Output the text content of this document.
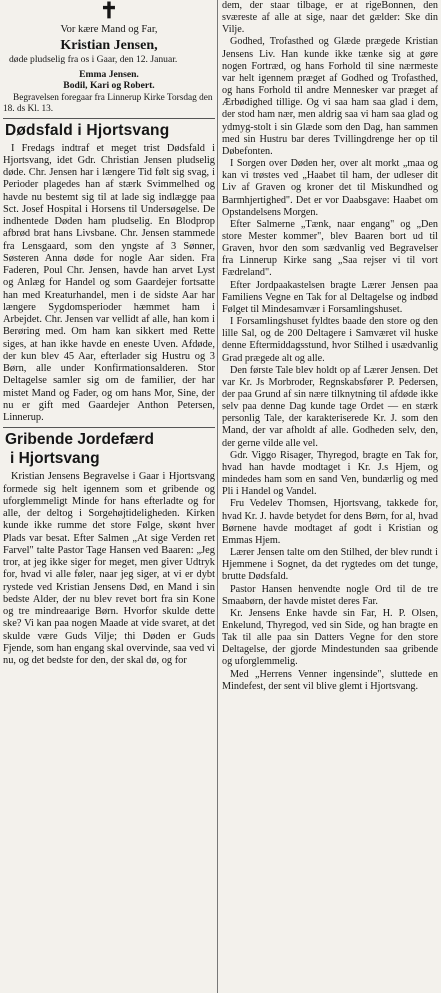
✝
Vor kære Mand og Far,
Kristian Jensen,

døde pludselig fra os i Gaar, den 12. Januar.

Emma Jensen.
Bodil, Kari og Robert.

Begravelsen foregaar fra Linnerup Kirke Torsdag den 18. ds Kl. 13.

Dødsfald i Hjortsvang

I Fredags indtraf et meget trist Dødsfald i Hjortsvang, idet Gdr. Christian Jensen pludselig døde. Chr. Jensen har i længere Tid følt sig svag, i Perioder plagedes han af stærk Svimmelhed og havde nu bestemt sig til at lade sig indlægge paa Sct. Josef Hospital i Horsens til Undersøgelse. De indhentede Døden ham pludselig. En Blodprop afbrød brat hans Livsbane. Chr. Jensen stammede fra Lensgaard, som den yngste af 3 Sønner, Søsteren Anna døde for nogle Aar siden. Fra Faderen, Poul Chr. Jensen, havde han arvet Lyst og Anlæg for Handel og som Gaardejer fortsatte han med Kreaturhandel, men i de sidste Aar har længere Sygdomsperioder hæmmet ham i Arbejdet. Chr. Jensen var vellidt af alle, han kom i Berøring med. Om ham kan sikkert med Rette siges, at han ikke havde en eneste Uven. Afdøde, der kun blev 45 Aar, efterlader sig Hustru og 3 Børn, alle under Konfirmationsalderen. Stor Deltagelse samler sig om de familier, der har mistet Mand og Fader, og om hans Mor, Sine, der nu er gift med Gaardejer Anthon Petersen, Linnerup.

Gribende Jordefærd
i Hjortsvang

Kristian Jensens Begravelse i Gaar i Hjortsvang formede sig helt igennem som et gribende og uforglemmeligt Minde for hans efterladte og for alle, der deltog i Sorgehøjtideligheden. Kirken kunde ikke rumme det store Følge, skønt hver Plads var besat. Efter Salmen „At sige Verden ret Farvel" talte Pastor Tage Hansen ved Baaren: „Jeg tror, at jeg ikke siger for meget, men giver Udtryk for, hvad vi alle føler, naar jeg siger, at vi er dybt rystede ved Kristian Jensens Død, en Mand i sin bedste Alder, der nu blev revet bort fra sin Kone og tre mindreaarige Børn. Hvorfor skulde dette ske? Vi kan paa nogen Maade at vide svaret, at det skulde være Guds Vilje; thi Døden er Guds Fjende, som han engang skal overvinde, saa ved vi nu, og det bedste for den, der skal dø, og for

dem, der staar tilbage, er at rigeBonnen, den sværeste af alle at sige, naar det gælder: Ske din Vilje.

Godhed, Trofasthed og Glæde prægede Kristian Jensens Liv. Han kunde ikke tænke sig at gøre nogen Fortræd, og hans Forhold til sine nærmeste var helt igennem præget af Godhed og Trofasthed, og hans Forhold til andre Mennesker var præget af Ærbødighed tillige. Og vi saa ham saa glad i dem, der stod ham nær, men aldrig saa vi ham saa glad og ydmyg-stolt i sin Glæde som den Dag, han sammen med sin Hustru bar deres Tvillingdrenge her op til Døbefonten.

I Sorgen over Døden her, over alt morkt „maa og kan vi trøstes ved „Haabet til ham, der udleser dit Liv af Graven og kroner det til Miskundhed og Barmhjertighed". Det er vor Daabsgave: Haabet om Opstandelsens Morgen.

Efter Salmerne „Tænk, naar engang" og „Den store Mester kommer", blev Baaren bort ud til Graven, hvor den som sædvanlig ved Begravelser fra Linnerup Kirke sang „Saa rejser vi til vort Fædreland".

Efter Jordpaakastelsen bragte Lærer Jensen paa Familiens Vegne en Tak for al Deltagelse og indbød Følget til Mindesamvær i Forsamlingshuset.

I Forsamlingshuset fyldtes baade den store og den lille Sal, og de 200 Deltagere i Samværet vil huske denne Eftermiddagsstund, hvor Stilhed i usædvanlig Grad prægede alt og alle.

Den første Tale blev holdt op af Lærer Jensen. Det var Kr. Js Morbroder, Regnskabsfører P. Pedersen, der paa Grund af sin nære tilknytning til afdøde ikke selv paa denne Dag kunde tage Ordet — en stærk personlig Tale, der karakteriserede Kr. J. som den Mand, der var afholdt af alle. Godheden selv, den, der gerne vilde alle vel.

Gdr. Viggo Risager, Thyregod, bragte en Tak for, hvad han havde modtaget i Kr. J.s Hjem, og mindedes ham som en sand Ven, bundærlig og med Pli i Handel og Vandel.

Fru Vedelev Thomsen, Hjortsvang, takkede for, hvad Kr. J. havde betydet for dens Børn, for al, hvad Børnene havde modtaget af godt i Kristian og Emmas Hjem.

Lærer Jensen talte om den Stilhed, der blev rundt i Hjemmene i Sognet, da det rygtedes om det tunge, brutte Dødsfald.

Pastor Hansen henvendte nogle Ord til de tre Smaabørn, der havde mistet deres Far.

Kr. Jensens Enke havde sin Far, H. P. Olsen, Enkelund, Thyregod, ved sin Side, og han bragte en Tak til alle paa sin Datters Vegne for den store Deltagelse, der gjorde Mindestunden saa gribende og uforglemmelig.

Med „Herrens Venner ingensinde", sluttede en Mindefest, der sent vil blive glemt i Hjortsvang.
